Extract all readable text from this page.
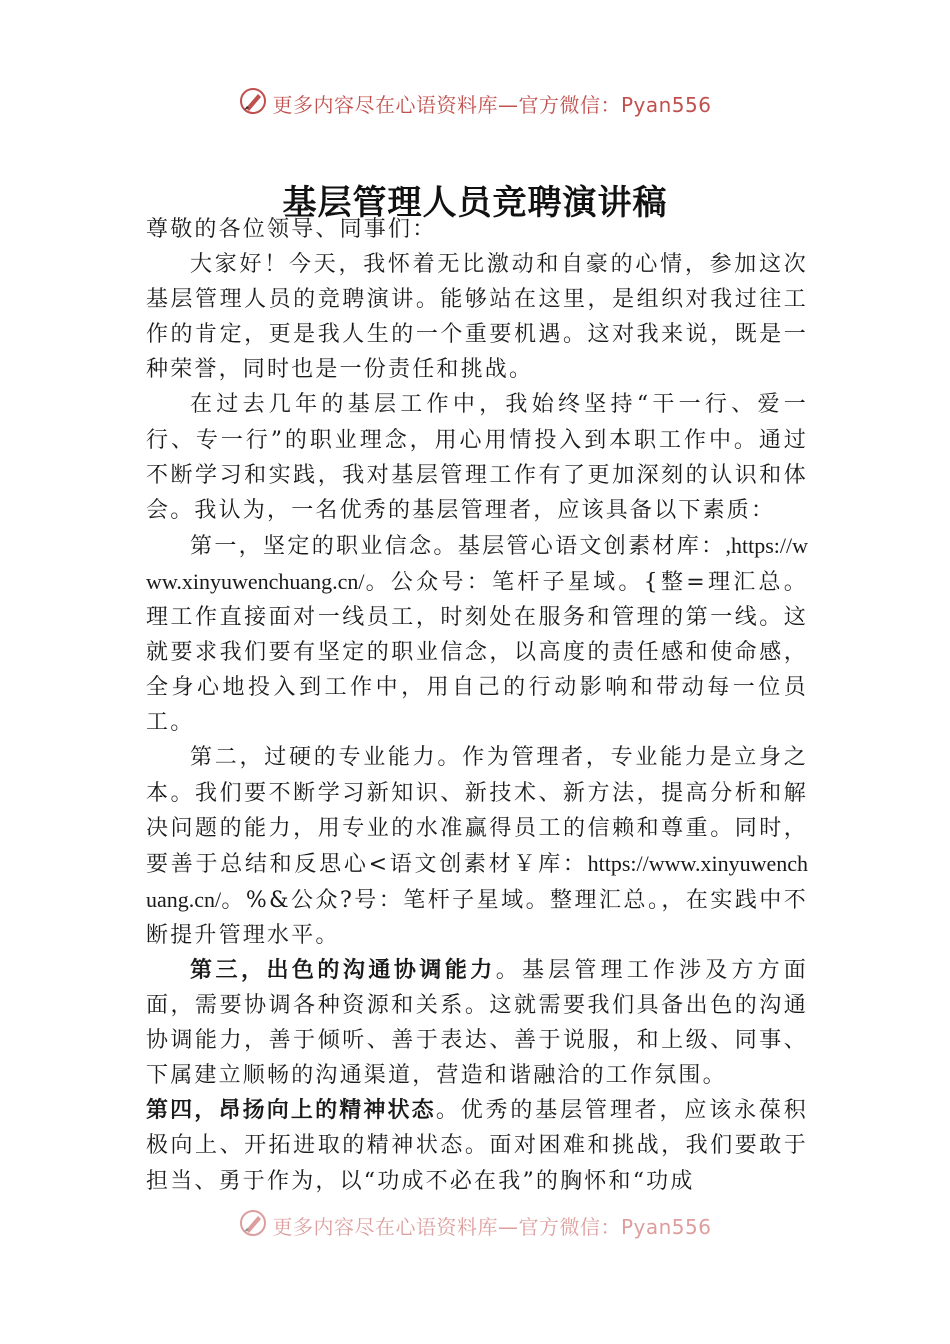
更多内容尽在心语资料库—官方微信：Pyan556
基层管理人员竞聘演讲稿

尊敬的各位领导、同事们：

大家好！今天，我怀着无比激动和自豪的心情，参加这次基层管理人员的竞聘演讲。能够站在这里，是组织对我过往工作的肯定，更是我人生的一个重要机遇。这对我来说，既是一种荣誉，同时也是一份责任和挑战。

在过去几年的基层工作中，我始终坚持“干一行、爱一行、专一行”的职业理念，用心用情投入到本职工作中。通过不断学习和实践，我对基层管理工作有了更加深刻的认识和体会。我认为，一名优秀的基层管理者，应该具备以下素质：

第一，坚定的职业信念。基层管心语文创素材库：,https://www.xinyuwenchuang.cn/。公众号：笔杆子星域。{整=理汇总。理工作直接面对一线员工，时刻处在服务和管理的第一线。这就要求我们要有坚定的职业信念，以高度的责任感和使命感，全身心地投入到工作中，用自己的行动影响和带动每一位员工。

第二，过硬的专业能力。作为管理者，专业能力是立身之本。我们要不断学习新知识、新技术、新方法，提高分析和解决问题的能力，用专业的水准赢得员工的信赖和尊重。同时，要善于总结和反思心<语文创素材￥库：https://www.xinyuwenchuang.cn/。%&公众?号：笔杆子星域。整理汇总。，在实践中不断提升管理水平。

第三，出色的沟通协调能力。基层管理工作涉及方方面面，需要协调各种资源和关系。这就需要我们具备出色的沟通协调能力，善于倾听、善于表达、善于说服，和上级、同事、下属建立顺畅的沟通渠道，营造和谐融洽的工作氛围。

第四，昂扬向上的精神状态。优秀的基层管理者，应该永葆积极向上、开拓进取的精神状态。面对困难和挑战，我们要敢于担当、勇于作为，以“功成不必在我”的胸怀和“功成

更多内容尽在心语资料库—官方微信：Pyan556
